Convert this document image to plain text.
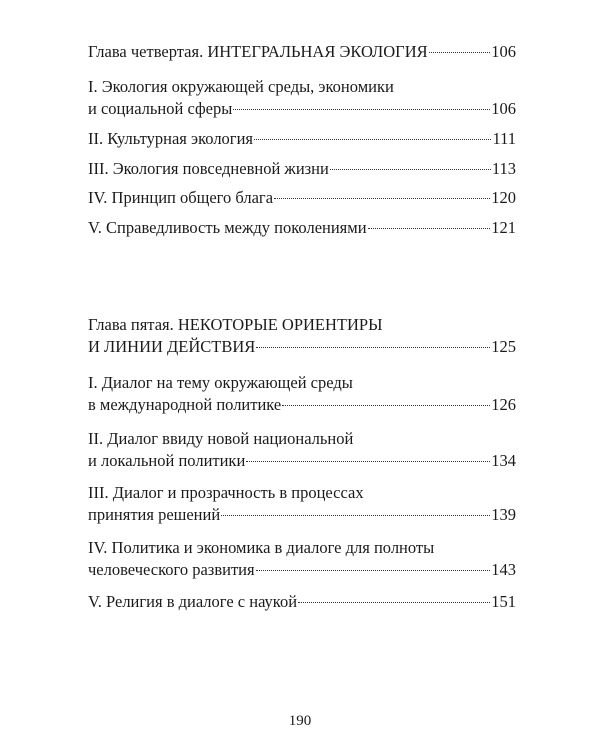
Глава четвертая. ИНТЕГРАЛЬНАЯ ЭКОЛОГИЯ	106
I. Экология окружающей среды, экономики
и социальной сферы	106
II. Культурная экология	111
III. Экология повседневной жизни	113
IV. Принцип общего блага	120
V. Справедливость между поколениями	121
Глава пятая. НЕКОТОРЫЕ ОРИЕНТИРЫ
И ЛИНИИ ДЕЙСТВИЯ	125
I. Диалог на тему окружающей среды
в международной политике	126
II. Диалог ввиду новой национальной
и локальной политики	134
III. Диалог и прозрачность в процессах
принятия решений	139
IV. Политика и экономика в диалоге для полноты
человеческого развития	143
V. Религия в диалоге с наукой	151
190
